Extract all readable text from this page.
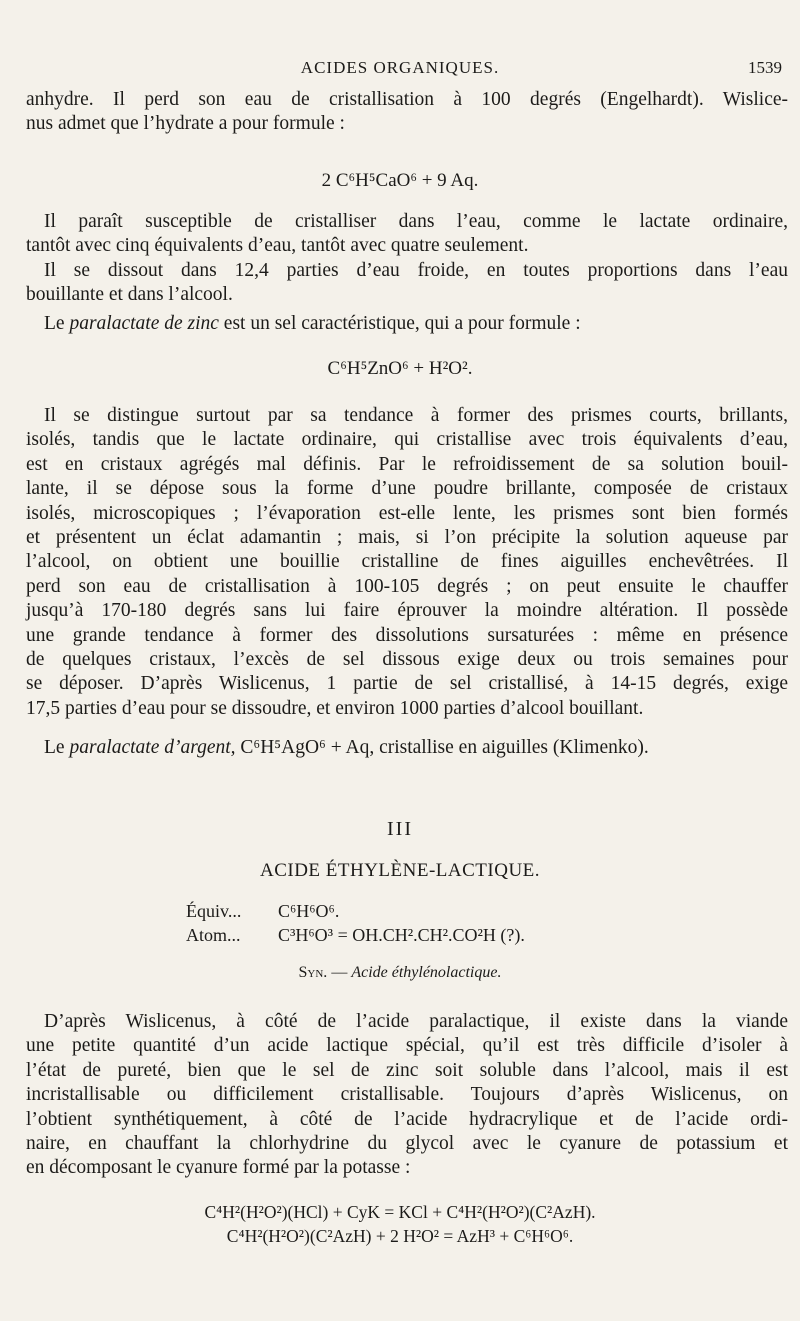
ACIDES ORGANIQUES.	1539
anhydre. Il perd son eau de cristallisation à 100 degrés (Engelhardt). Wislice-
nus admet que l’hydrate a pour formule :
2 C⁶H⁵CaO⁶ + 9 Aq.
Il paraît susceptible de cristalliser dans l’eau, comme le lactate ordinaire,
tantôt avec cinq équivalents d’eau, tantôt avec quatre seulement.
Il se dissout dans 12,4 parties d’eau froide, en toutes proportions dans l’eau
bouillante et dans l’alcool.
Le paralactate de zinc est un sel caractéristique, qui a pour formule :
C⁶H⁵ZnO⁶ + H²O².
Il se distingue surtout par sa tendance à former des prismes courts, brillants,
isolés, tandis que le lactate ordinaire, qui cristallise avec trois équivalents d’eau,
est en cristaux agrégés mal définis. Par le refroidissement de sa solution bouil-
lante, il se dépose sous la forme d’une poudre brillante, composée de cristaux
isolés, microscopiques ; l’évaporation est-elle lente, les prismes sont bien formés
et présentent un éclat adamantin ; mais, si l’on précipite la solution aqueuse par
l’alcool, on obtient une bouillie cristalline de fines aiguilles enchevêtrées. Il
perd son eau de cristallisation à 100-105 degrés ; on peut ensuite le chauffer
jusqu’à 170-180 degrés sans lui faire éprouver la moindre altération. Il possède
une grande tendance à former des dissolutions sursaturées : même en présence
de quelques cristaux, l’excès de sel dissous exige deux ou trois semaines pour
se déposer. D’après Wislicenus, 1 partie de sel cristallisé, à 14-15 degrés, exige
17,5 parties d’eau pour se dissoudre, et environ 1000 parties d’alcool bouillant.
Le paralactate d’argent, C⁶H⁵AgO⁶ + Aq, cristallise en aiguilles (Klimenko).
III
ACIDE ÉTHYLÈNE-LACTIQUE.
Équiv... C⁶H⁶O⁶.
Atom... C³H⁶O³ = OH.CH².CH².CO²H (?).
Syn. — Acide éthylénolactique.
D’après Wislicenus, à côté de l’acide paralactique, il existe dans la viande
une petite quantité d’un acide lactique spécial, qu’il est très difficile d’isoler à
l’état de pureté, bien que le sel de zinc soit soluble dans l’alcool, mais il est
incristallisable ou difficilement cristallisable. Toujours d’après Wislicenus, on
l’obtient synthétiquement, à côté de l’acide hydracrylique et de l’acide ordi-
naire, en chauffant la chlorhydrine du glycol avec le cyanure de potassium et
en décomposant le cyanure formé par la potasse :
C⁴H²(H²O²)(HCl) + CyK = KCl + C⁴H²(H²O²)(C²AzH).
C⁴H²(H²O²)(C²AzH) + 2 H²O² = AzH³ + C⁶H⁶O⁶.
